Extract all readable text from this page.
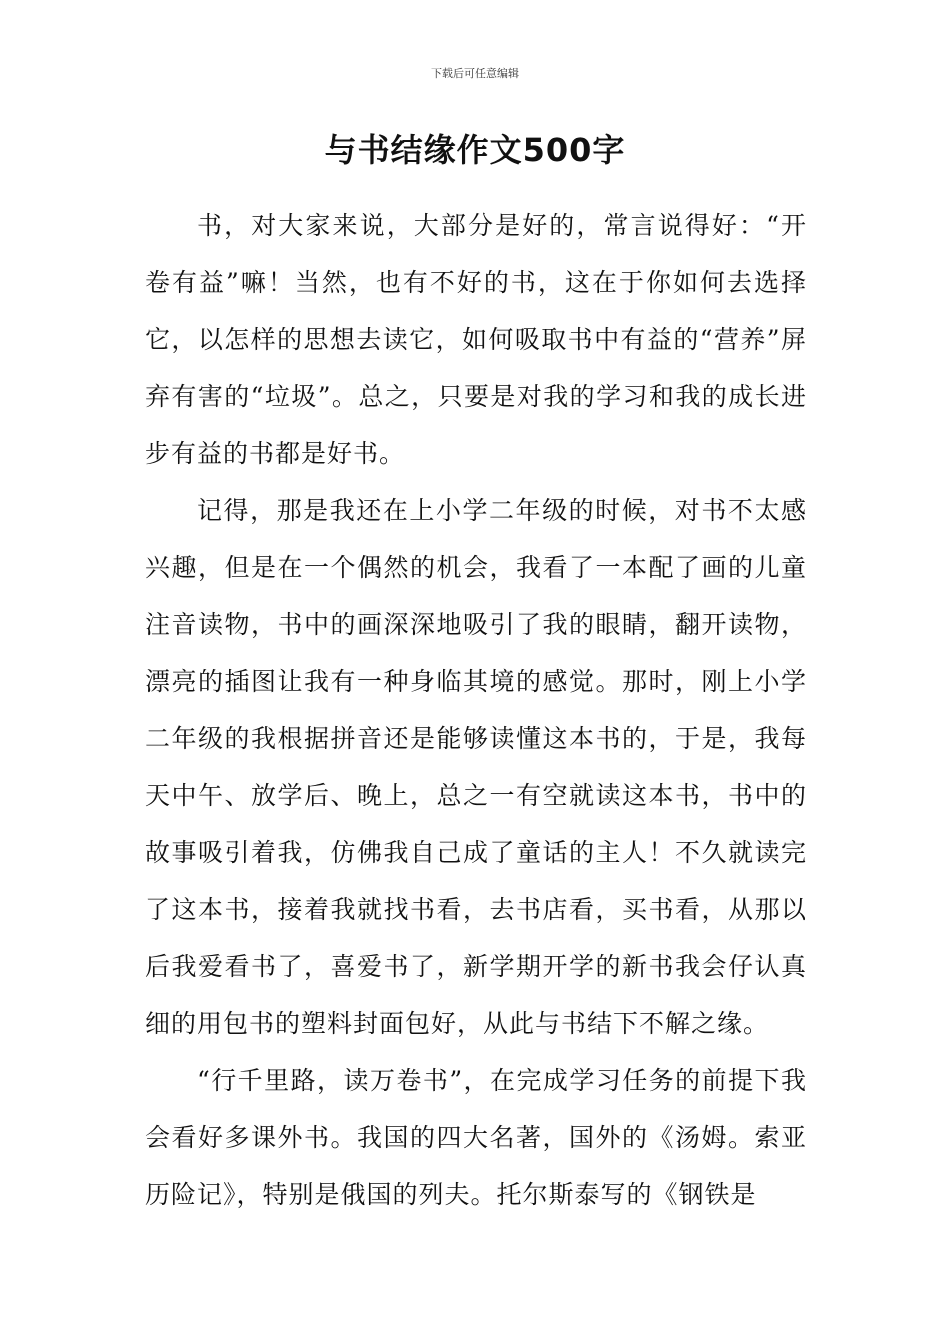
下载后可任意编辑
与书结缘作文500字

书，对大家来说，大部分是好的，常言说得好：“开卷有益”嘛！当然，也有不好的书，这在于你如何去选择它，以怎样的思想去读它，如何吸取书中有益的“营养”屏弃有害的“垃圾”。总之，只要是对我的学习和我的成长进步有益的书都是好书。

记得，那是我还在上小学二年级的时候，对书不太感兴趣，但是在一个偶然的机会，我看了一本配了画的儿童注音读物，书中的画深深地吸引了我的眼睛，翻开读物，漂亮的插图让我有一种身临其境的感觉。那时，刚上小学二年级的我根据拼音还是能够读懂这本书的，于是，我每天中午、放学后、晚上，总之一有空就读这本书，书中的故事吸引着我，仿佛我自己成了童话的主人！不久就读完了这本书，接着我就找书看，去书店看，买书看，从那以后我爱看书了，喜爱书了，新学期开学的新书我会仔认真细的用包书的塑料封面包好，从此与书结下不解之缘。

“行千里路，读万卷书”，在完成学习任务的前提下我会看好多课外书。我国的四大名著，国外的《汤姆。索亚历险记》，特别是俄国的列夫。托尔斯泰写的《钢铁是
